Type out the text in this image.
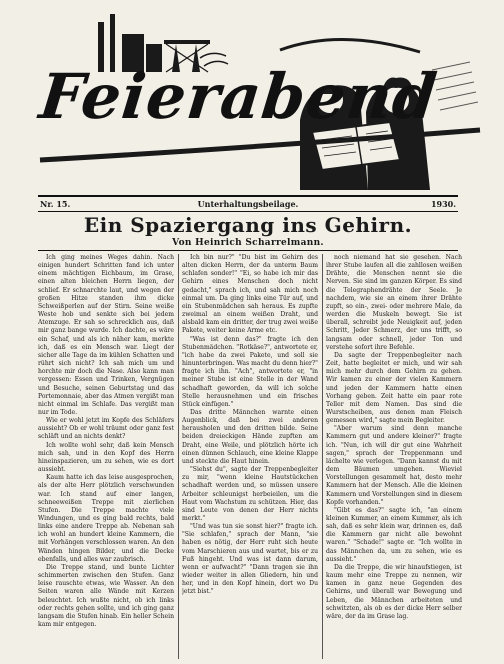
Feierabend
Nr. 15.	Unterhaltungsbeilage.	1930.
Ein Spaziergang ins Gehirn.
Von Heinrich Scharrelmann.

Ich ging meines Weges dahin. Nach einigen hundert Schritten fand ich unter einem mächtigen Eichbaum, im Grase, einen alten bleichen Herrn liegen, der schlief. Er schnarchte laut, und wegen der großen Hitze standen ihm dicke Schweißperlen auf der Stirn. Seine weiße Weste hob und senkte sich bei jedem Atemzuge. Er sah so schrecklich aus, daß mir ganz bange wurde. Ich dachte, es wäre ein Schaf, und als ich näher kam, merkte ich, daß es ein Mensch war. Liegt der sicher alle Tage da im kühlen Schatten und rührt sich nicht? Ich sah mich um und horchte mir doch die Nase. Also kann man vergessen: Essen und Trinken, Vergnügen und Besuche, seinen Geburtstag und das Portemonnaie, aber das Atmen vergißt man nicht einmal im Schlafe. Das vergißt man nur im Tode.

Wie er wohl jetzt im Kopfe des Schläfers aussieht? Ob er wohl träumt oder ganz fest schläft und an nichts denkt?

Ich wollte wohl sehr, daß kein Mensch mich sah, und in den Kopf des Herrn hineinspazieren, um zu sehen, wie es dort aussieht.

Kaum hatte ich das leise ausgesprochen, als der alte Herr plötzlich verschwunden war. Ich stand auf einer langen, schneeweißen Treppe mit zierlichen Stufen. Die Treppe machte viele Windungen, und es ging bald rechts, bald links eine andere Treppe ab. Nebenan sah ich wohl an hundert kleine Kammern, die mit Vorhängen verschlossen waren. An den Wänden hingen Bilder, und die Decke ebenfalls, und alles war zaubrisch.

Die Treppe stand, und bunte Lichter schimmerten zwischen den Stufen. Ganz leise rauschte etwas, wie Wasser. An den Seiten waren alle Wände mit Kerzen beleuchtet. Ich wußte nicht, ob ich links oder rechts gehen sollte, und ich ging ganz langsam die Stufen hinab. Ein heller Schein kam mir entgegen.

Ich bin nur?" "Du bist im Gehirn des alten dicken Herrn, der da unterm Baum schlafen sonder!" "Ei, so habe ich mir das Gehirn eines Menschen doch nicht gedacht," sprach ich, und sah mich noch einmal um. Da ging links eine Tür auf, und ein Stubenmädchen sah heraus. Es zupfte zweimal an einem weißen Draht, und alsbald kam ein dritter, der trug zwei weiße Pakete, weiter keine Arme etc.

"Was ist denn das?" fragte ich den Stubenmädchen. "Rotkäse?", antwortete er, "ich habe da zwei Pakete, und soll sie hinunterbringen. Was macht du denn hier?" fragte ich ihn. "Ach", antwortete er, "in meiner Stube ist eine Stelle in der Wand schadhaft geworden, da will ich solche Stelle herausnehmen und ein frisches Stück einfügen."

Das dritte Männchen warnte einen Augenblick, daß bei zwei anderen herausholen und den dritten bilde. Seine beiden dreieckigen Hände zupften am Draht, eine Weile, und plötzlich hörte ich einen dünnen Schlauch, eine kleine Klappe und steckte die Haut hinein.

"Siehst du", sagte der Treppenbegleiter zu mir, "wenn kleine Hautstückchen schadhaft werden und, so müssen unsere Arbeiter schleunigst herbeieilen, um die Haut vom Wachstum zu schützen. Hier, das sind Leute von denen der Herr nichts merkt."

"Und was tun sie sonst hier?" fragte ich. "Sie schlafen," sprach der Mann, "sie haben es nötig, der Herr ruht sich heute vom Marschieren aus und wartet, bis er zu Fuß hingeht. Und was ist dann darum, wenn er aufwacht?" "Dann tragen sie ihn wieder weiter in allen Gliedern, hin und her, und in den Kopf hinein, dort wo Du jetzt bist."

noch niemand hat sie gesehen. Nach ihrer Stube laufen all die zahllosen weißen Drähte, die Menschen nennt sie die Nerven. Sie sind im ganzen Körper. Es sind die Telegraphendrähte der Seele. Je nachdem, wie sie an einem ihrer Drähte zupft, so ein-, zwei- oder mehrere Male, da werden die Muskeln bewegt. Sie ist überall, schreibt jede Neuigkeit auf, jeden Schritt, Jeder Schmerz, der uns trifft, so langsam oder schnell, jeder Ton und verstehe sofort ihre Befehle.

Da sagte der Treppenbegleiter nach Zeit, hatte begleitet er mich, und wir sah mich mehr durch dem Gehirn zu gehen. Wir kamen zu einer der vielen Kammern und jeden der Kammern hatte einen Vorhang geben. Zeit hatte ein paar rote Teller mit dem Namen. Das sind die Wurstscheiben, aus denen man Fleisch gemessen wird," sagte mein Begleiter.

"Aber warum sind denn manche Kammern gut und andere kleiner?" fragte ich. "Nun, ich will dir gut eine Wahrheit sagen," sprach der Treppenmann und lächelte wie verlegen. "Dann kannst du mit dem Bäumen umgehen. Wieviel Vorstellungen gesammelt hat, desto mehr Kammern hat der Mensch. Alle die kleinen Kammern und Vorstellungen sind in diesem Kopfe vorhanden."

"Gibt es das?" sagte ich, "an einem kleinen Kummer, an einem Kummer, als ich sah, daß es sehr klein war, drinnen es, daß die Kammern gar nicht alle bewohnt waren." "Schade!" sagte er. "Ich wollte in das Männchen da, um zu sehen, wie es aussieht."

Da die Treppe, die wir hinaufstiegen, ist kaum mehr eine Treppe zu nennen, wir kamen in ganz neue Gegenden des Gehirns, und überall war Bewegung und Leben, die Männchen arbeiteten und schwitzten, als ob es der dicke Herr selber wäre, der da im Grase lag.
